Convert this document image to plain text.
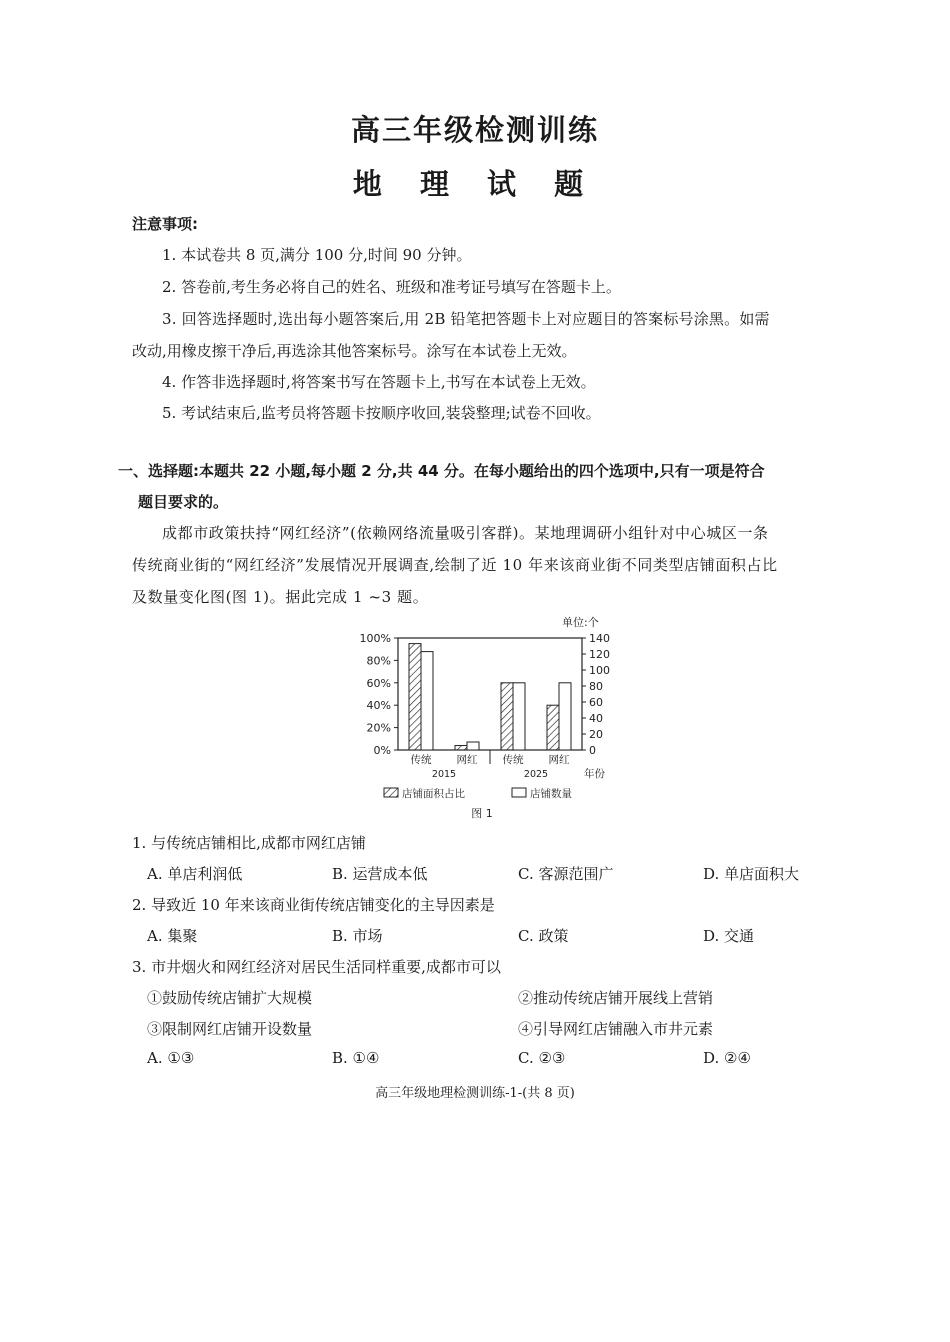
高三年级检测训练
地 理 试 题
注意事项:
1. 本试卷共 8 页,满分 100 分,时间 90 分钟。
2. 答卷前,考生务必将自己的姓名、班级和准考证号填写在答题卡上。
3. 回答选择题时,选出每小题答案后,用 2B 铅笔把答题卡上对应题目的答案标号涂黑。如需
改动,用橡皮擦干净后,再选涂其他答案标号。涂写在本试卷上无效。
4. 作答非选择题时,将答案书写在答题卡上,书写在本试卷上无效。
5. 考试结束后,监考员将答题卡按顺序收回,装袋整理;试卷不回收。
一、选择题:本题共 22 小题,每小题 2 分,共 44 分。在每小题给出的四个选项中,只有一项是符合
题目要求的。
成都市政策扶持“网红经济”(依赖网络流量吸引客群)。某地理调研小组针对中心城区一条
传统商业街的“网红经济”发展情况开展调查,绘制了近 10 年来该商业街不同类型店铺面积占比
及数量变化图(图 1)。据此完成 1 ~3 题。
100%
80%
60%
40%
20%
0%
140
120
100
80
60
40
20
0
单位:个
传统 网红 传统 网红
2015	2025	年份
店铺面积占比	店铺数量
图 1
1. 与传统店铺相比,成都市网红店铺
A. 单店利润低	B. 运营成本低	C. 客源范围广	D. 单店面积大
2. 导致近 10 年来该商业街传统店铺变化的主导因素是
A. 集聚	B. 市场	C. 政策	D. 交通
3. 市井烟火和网红经济对居民生活同样重要,成都市可以
①鼓励传统店铺扩大规模	②推动传统店铺开展线上营销
③限制网红店铺开设数量	④引导网红店铺融入市井元素
A. ①③	B. ①④	C. ②③	D. ②④
高三年级地理检测训练-1-(共 8 页)
